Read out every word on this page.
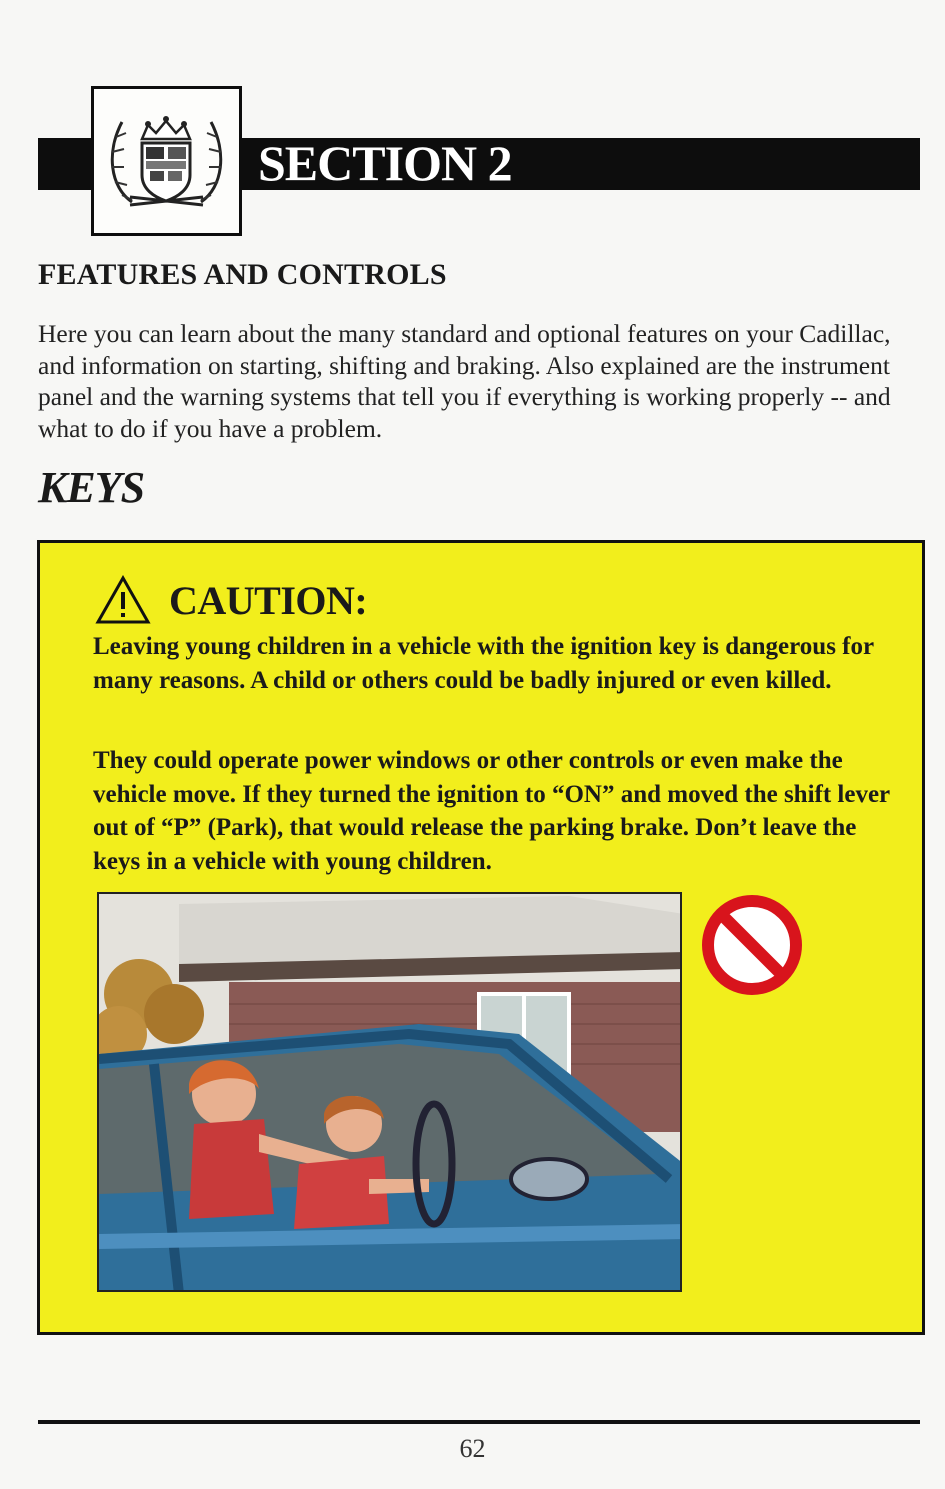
SECTION 2
FEATURES AND CONTROLS
Here you can learn about the many standard and optional features on your Cadillac, and information on starting, shifting and braking. Also explained are the instrument panel and the warning systems that tell you if everything is working properly -- and what to do if you have a problem.
KEYS
CAUTION:
Leaving young children in a vehicle with the ignition key is dangerous for many reasons. A child or others could be badly injured or even killed.
They could operate power windows or other controls or even make the vehicle move. If they turned the ignition to “ON” and moved the shift lever out of “P” (Park), that would release the parking brake. Don’t leave the keys in a vehicle with young children.
62
